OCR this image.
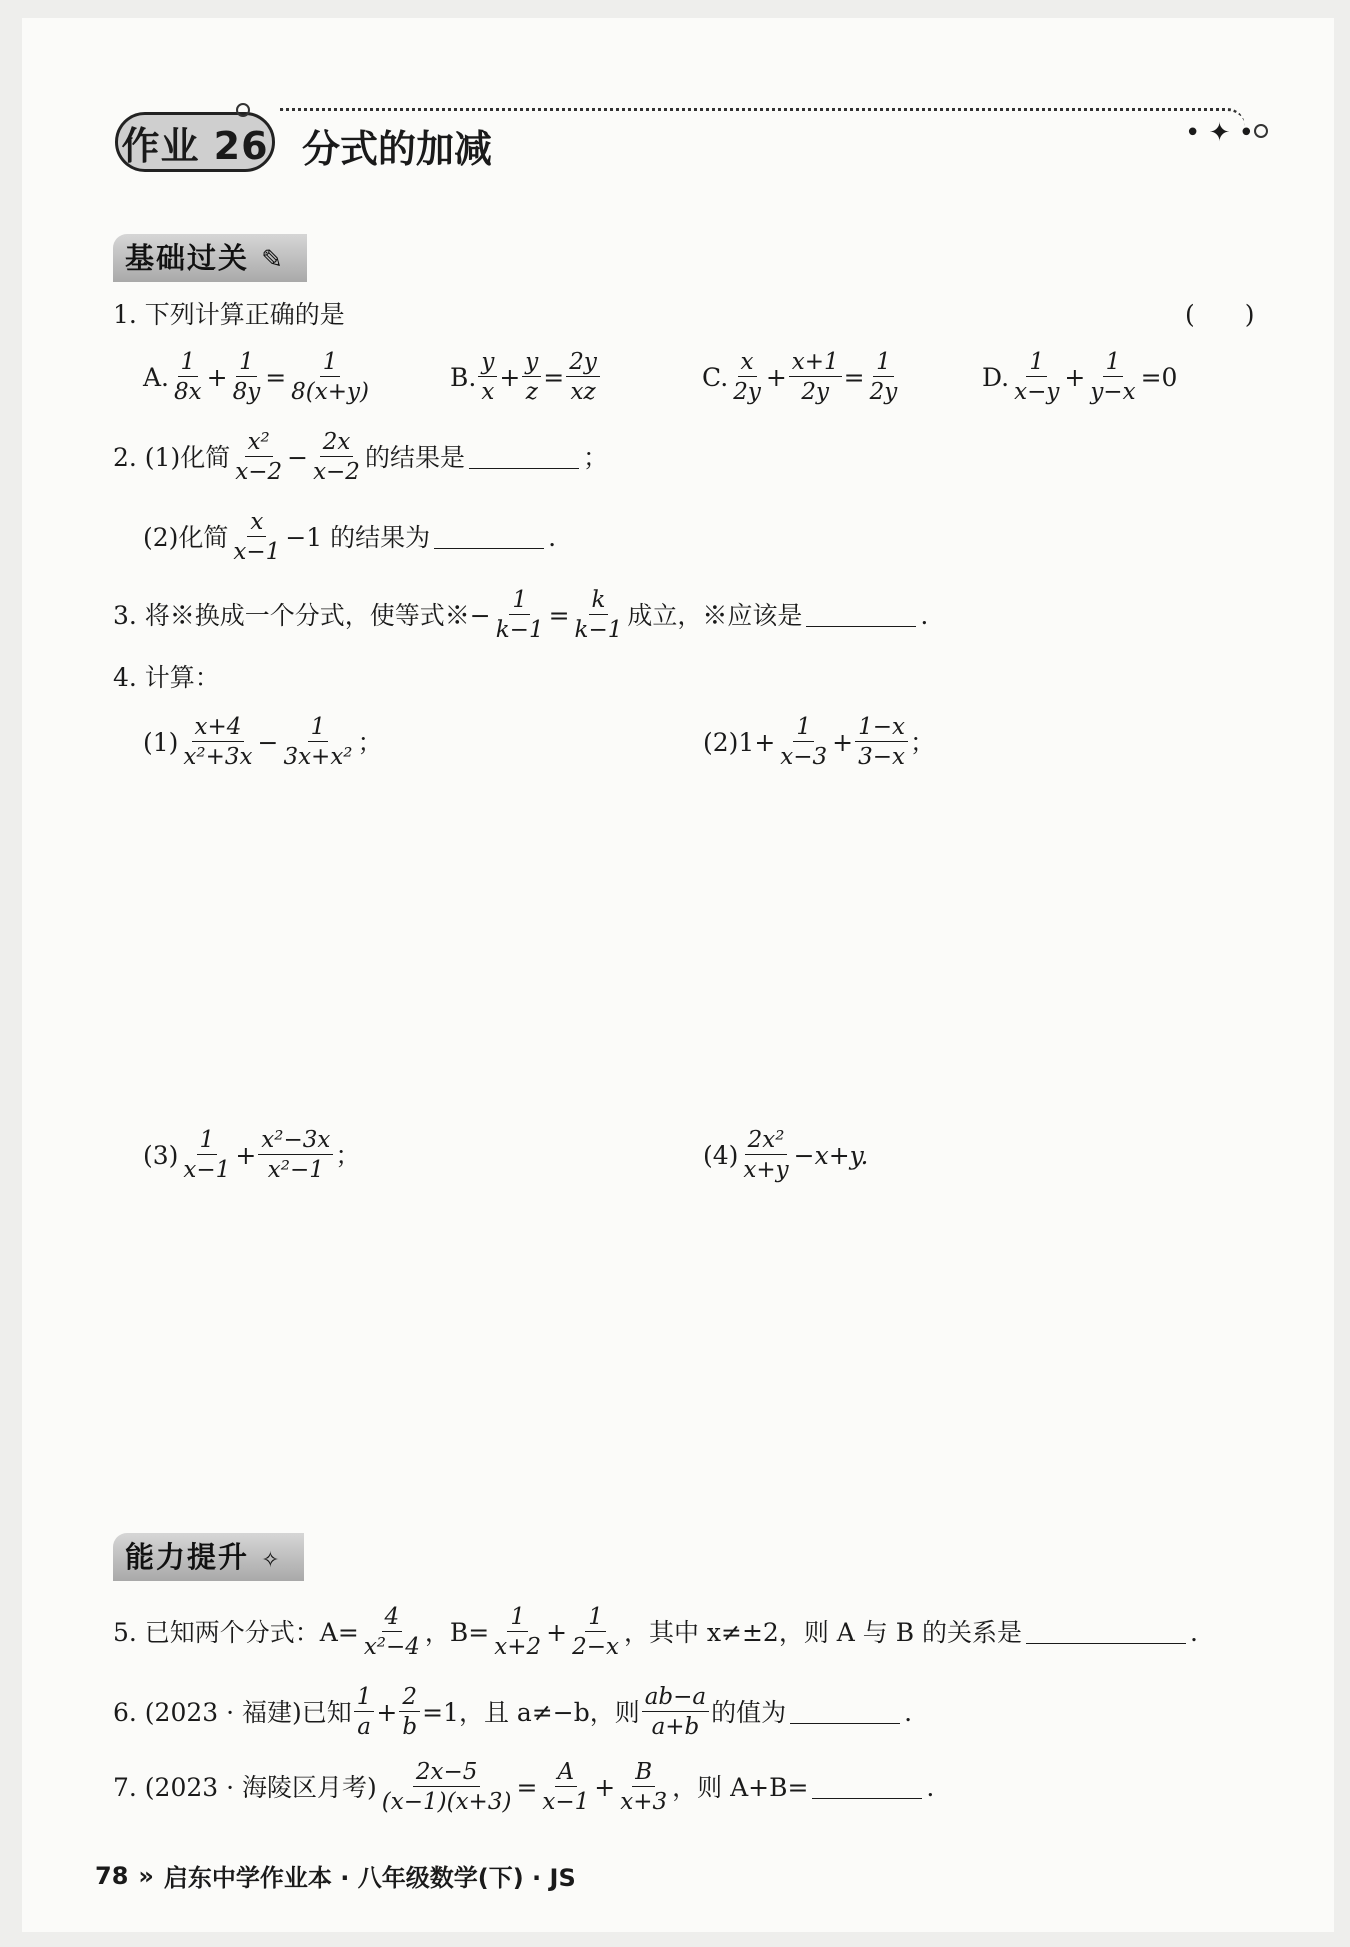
作业 26	• ✦ •
分式的加减
基础过关 ✎
1. 下列计算正确的是	(　　)
A. $\frac{1}{8x} + \frac{1}{8y} = \frac{1}{8(x+y)}$	B. $\frac{y}{x} + \frac{y}{z} = \frac{2y}{xz}$	C. $\frac{x}{2y} + \frac{x+1}{2y} = \frac{1}{2y}$	D. $\frac{1}{x-y} + \frac{1}{y-x} =0$
2. (1)化简 $\frac{\text{x²}}{x-2} - \frac{2x}{x-2}$ 的结果是	；
(2)化简 $\frac{x}{x-1} -1$ 的结果为	.
3. 将※换成一个分式，使等式※− $\frac{1}{k-1} = \frac{k}{k-1}$ 成立，※应该是	.
4. 计算：
$(1) \frac{x+4}{\text{x²+3x}} - \frac{1}{\text{3x+x²}}$ ；	$(2)1+ \frac{1}{x-3} + \frac{1-x}{3-x}$ ；
$(3) \frac{1}{x-1} + \frac{\text{x²−3x}}{\text{x²−1}}$ ；	$(4) \frac{\text{2x²}}{x+y} -x+y$.
能力提升 ✧
5. 已知两个分式：$A= \frac{4}{\text{x²−4}}$ ，$B= \frac{1}{x+2} + \frac{1}{2-x}$ ，其中 x≠±2，则 A 与 B 的关系是	.
6. (2023 · 福建)已知 $\frac{1}{a} + \frac{2}{b} =1$，且 a≠−b，则 $\frac{ab-a}{a+b}$ 的值为	.
7. (2023 · 海陵区月考) $\frac{2x-5}{(x-1)(x+3)} = \frac{A}{x-1} + \frac{B}{x+3}$ ，则 A+B=	.
78 » 启东中学作业本 · 八年级数学(下) · JS
